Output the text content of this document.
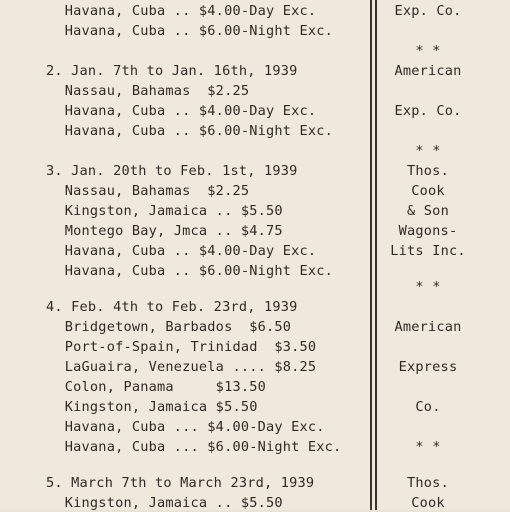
Havana, Cuba .. $4.00-Day Exc.
Havana, Cuba .. $6.00-Night Exc.
2. Jan. 7th to Jan. 16th, 1939
Nassau, Bahamas  $2.25
Havana, Cuba .. $4.00-Day Exc.
Havana, Cuba .. $6.00-Night Exc.
3. Jan. 20th to Feb. 1st, 1939
Nassau, Bahamas  $2.25
Kingston, Jamaica .. $5.50
Montego Bay, Jmca .. $4.75
Havana, Cuba .. $4.00-Day Exc.
Havana, Cuba .. $6.00-Night Exc.
4. Feb. 4th to Feb. 23rd, 1939
Bridgetown, Barbados  $6.50
Port-of-Spain, Trinidad  $3.50
LaGuaira, Venezuela .... $8.25
Colon, Panama     $13.50
Kingston, Jamaica $5.50
Havana, Cuba ... $4.00-Day Exc.
Havana, Cuba ... $6.00-Night Exc.
5. March 7th to March 23rd, 1939
Kingston, Jamaica .. $5.50
Exp. Co.
* *
American
Exp. Co.
* *
Thos.
Cook
& Son
Wagons-
Lits Inc.
* *
American
Express
Co.
* *
Thos.
Cook
